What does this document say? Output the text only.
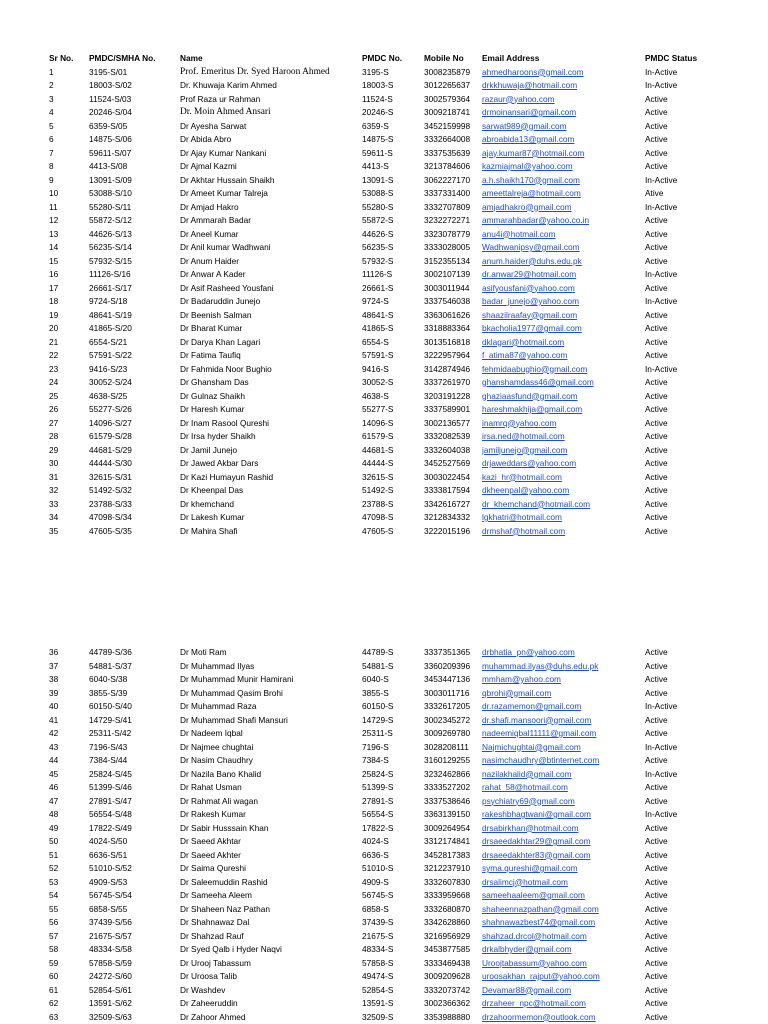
Sr No.	PMDC/SMHA No.	Name	PMDC No.	Mobile No	Email Address	PMDC Status
1	3195-S/01	Prof. Emeritus Dr. Syed Haroon Ahmed	3195-S	3008235879	ahmedharoons@gmail.com	In-Active
2	18003-S/02	Dr. Khuwaja Karim Ahmed	18003-S	3012265637	drkkhuwaja@hotmail.com	In-Active
3	11524-S/03	Prof Raza ur Rahman	11524-S	3002579364	razaur@yahoo.com	Active
4	20246-S/04	Dr. Moin Ahmed Ansari	20246-S	3009218741	drmoinansari@gmail.com	Active
5	6359-S/05	Dr Ayesha Sarwat	6359-S	3452159998	sarwat989@gmail.com	Active
6	14875-S/06	Dr Abida Abro	14875-S	3332664008	abroabida13@gmail.com	Active
7	59611-S/07	Dr Ajay Kumar Nankani	59611-S	3337535639	ajay.kumar87@hotmail.com	Active
8	4413-S/08	Dr Ajmal Kazmi	4413-S	3213784606	kazmiajmal@yahoo.com	Active
9	13091-S/09	Dr Akhtar Hussain Shaikh	13091-S	3062227170	a.h.shaikh170@gmail.com	In-Active
10	53088-S/10	Dr Ameet Kumar Talreja	53088-S	3337331400	ameettalreja@hotmail.com	Ative
11	55280-S/11	Dr Amjad Hakro	55280-S	3332707809	amjadhakro@gmail.com	In-Active
12	55872-S/12	Dr Ammarah Badar	55872-S	3232272271	ammarahbadar@yahoo.co.in	Active
13	44626-S/13	Dr Aneel Kumar	44626-S	3323078779	anu4i@hotmail.com	Active
14	56235-S/14	Dr Anil kumar Wadhwani	56235-S	3333028005	Wadhwanipsy@gmail.com	Active
15	57932-S/15	Dr Anum Haider	57932-S	3152355134	anum.haider@duhs.edu.pk	Active
16	11126-S/16	Dr Anwar A Kader	11126-S	3002107139	dr.anwar29@hotmail.com	In-Active
17	26661-S/17	Dr Asif Rasheed Yousfani	26661-S	3003011944	asifyousfani@yahoo.com	Active
18	9724-S/18	Dr Badaruddin Junejo	9724-S	3337546038	badar_junejo@yahoo.com	In-Active
19	48641-S/19	Dr Beenish Salman	48641-S	3363061626	shaazilraafay@gmail.com	Active
20	41865-S/20	Dr Bharat Kumar	41865-S	3318883364	bkacholia1977@gmail.com	Active
21	6554-S/21	Dr Darya Khan Lagari	6554-S	3013516818	dklagari@hotmail.com	Active
22	57591-S/22	Dr Fatima Taufiq	57591-S	3222957964	f_atima87@yahoo.com	Active
23	9416-S/23	Dr Fahmida Noor Bughio	9416-S	3142874946	fehmidaabughio@gmail.com	In-Active
24	30052-S/24	Dr Ghansham Das	30052-S	3337261970	ghanshamdass46@gmail.com	Active
25	4638-S/25	Dr Gulnaz Shaikh	4638-S	3203191228	ghaziaasfund@gmail.com	Active
26	55277-S/26	Dr Haresh Kumar	55277-S	3337589901	hareshmakhija@gmail.com	Active
27	14096-S/27	Dr Inam Rasool Qureshi	14096-S	3002136577	inamrq@yahoo.com	Active
28	61579-S/28	Dr Irsa hyder Shaikh	61579-S	3332082539	irsa.ned@hotmail.com	Active
29	44681-S/29	Dr Jamil Junejo	44681-S	3332604038	jamiljunejo@gmail.com	Active
30	44444-S/30	Dr Jawed Akbar Dars	44444-S	3452527569	drjaweddars@yahoo.com	Active
31	32615-S/31	Dr Kazi Humayun Rashid	32615-S	3003022454	kazi_hr@hotmail.com	Active
32	51492-S/32	Dr Kheenpal Das	51492-S	3333817594	dkheenpal@yahoo.com	Active
33	23788-S/33	Dr khemchand	23788-S	3342616727	dr_khemchand@hotmail.com	Active
34	47098-S/34	Dr Lakesh Kumar	47098-S	3212834332	lgkhatri@hotmail.com	Active
35	47605-S/35	Dr Mahira Shafi	47605-S	3222015196	drmshaf@hotmail.com	Active
36	44789-S/36	Dr Moti Ram	44789-S	3337351365	drbhatia_pn@yahoo.com	Active
37	54881-S/37	Dr Muhammad Ilyas	54881-S	3360209396	muhammad.ilyas@duhs.edu.pk	Active
38	6040-S/38	Dr Muhammad Munir Hamirani	6040-S	3453447136	mmham@yahoo.com	Active
39	3855-S/39	Dr Muhammad Qasim Brohi	3855-S	3003011716	qbrohi@gmail.com	Active
40	60150-S/40	Dr Muhammad Raza	60150-S	3332617205	dr.razamemon@gmail.com	In-Active
41	14729-S/41	Dr Muhammad Shafi Mansuri	14729-S	3002345272	dr.shafi.mansoori@gmail.com	Active
42	25311-S/42	Dr Nadeem Iqbal	25311-S	3009269780	nadeemiqbal11111@gmail.com	Active
43	7196-S/43	Dr Najmee chughtai	7196-S	3028208111	Najmichughtai@gmail.com	In-Active
44	7384-S/44	Dr Nasim Chaudhry	7384-S	3160129255	nasimchaudhry@btinternet.com	Active
45	25824-S/45	Dr Nazila Bano Khalid	25824-S	3232462866	nazilakhalid@gmail.com	In-Active
46	51399-S/46	Dr Rahat Usman	51399-S	3333527202	rahat_58@hotmail.com	Active
47	27891-S/47	Dr Rahmat Ali wagan	27891-S	3337538646	psychiatry69@gmail.com	Active
48	56554-S/48	Dr Rakesh Kumar	56554-S	3363139150	rakeshbhagtwani@gmail.com	In-Active
49	17822-S/49	Dr Sabir Husssain Khan	17822-S	3009264954	drsabirkhan@hotmail.com	Active
50	4024-S/50	Dr Saeed Akhtar	4024-S	3312174841	drsaeedakhtar29@gmail.com	Active
51	6636-S/51	Dr Saeed Akhter	6636-S	3452817383	drsaeedakhter83@gmail.com	Active
52	51010-S/52	Dr Saima Qureshi	51010-S	3212237910	syma.qureshi@gmail.com	Active
53	4909-S/53	Dr Saleemuddin Rashid	4909-S	3332607830	drsalimcj@hotmail.com	Active
54	56745-S/54	Dr Sameeha Aleem	56745-S	3333959668	sameehaaleem@gmail.com	Active
55	6858-S/55	Dr Shaheen Naz Pathan	6858-S	3332680870	shaheennazpathan@gmail.com	Active
56	37439-S/56	Dr Shahnawaz Dal	37439-S	3342628860	shahnawazbest74@gmail.com	Active
57	21675-S/57	Dr Shahzad Rauf	21675-S	3216956929	shahzad.drcol@hotmail.com	Active
58	48334-S/58	Dr Syed Qalb i Hyder Naqvi	48334-S	3453877585	drkalbhyder@gmail.com	Active
59	57858-S/59	Dr Urooj Tabassum	57858-S	3333469438	Uroojtabassum@yahoo.com	Active
60	24272-S/60	Dr Uroosa Talib	49474-S	3009209628	uroosakhan_rajput@yahoo.com	Active
61	52854-S/61	Dr Washdev	52854-S	3332073742	Devamar88@gmail.com	Active
62	13591-S/62	Dr Zaheeruddin	13591-S	3002366362	drzaheer_npc@hotmail.com	Active
63	32509-S/63	Dr Zahoor Ahmed	32509-S	3353988880	drzahoormemon@outlook.com	Active
